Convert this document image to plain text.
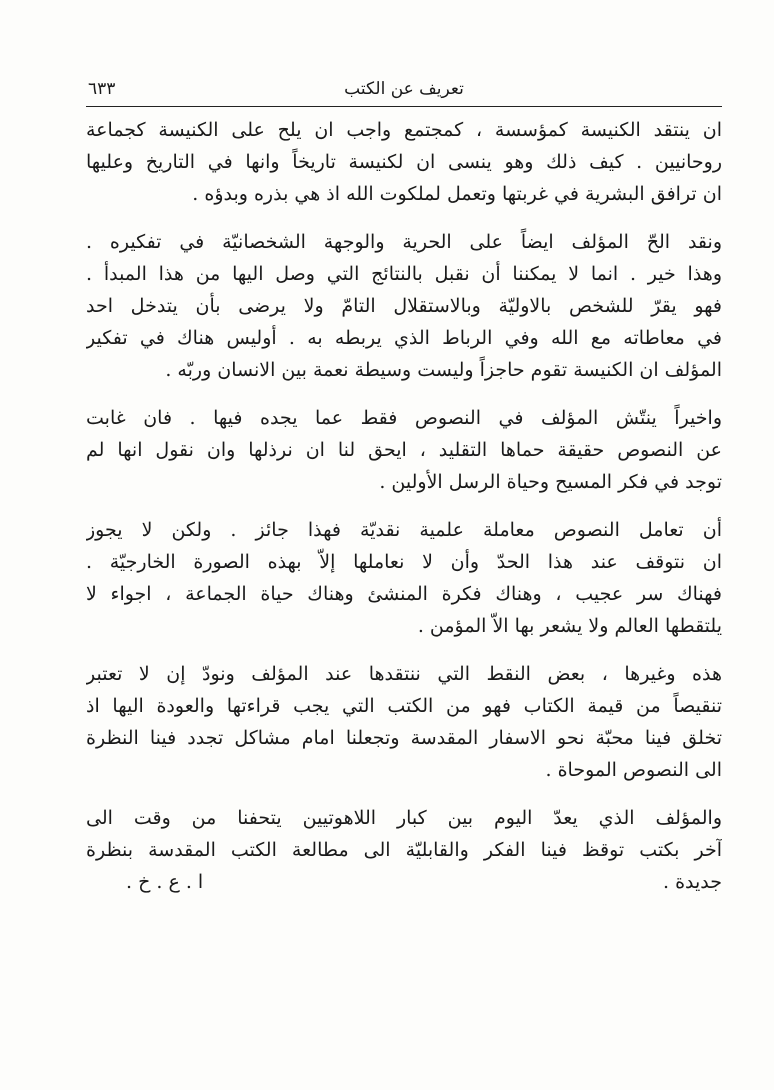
تعريف عن الكتب
٦٣٣
ان ينتقد الكنيسة كمؤسسة ، كمجتمع واجب ان يلح على الكنيسة كجماعة
روحانيين . كيف ذلك وهو ينسى ان لكنيسة تاريخاً وانها في التاريخ وعليها
ان ترافق البشرية في غربتها وتعمل لملكوت الله اذ هي بذره وبدؤه .
ونقد الحّ المؤلف ايضاً على الحرية والوجهة الشخصانيّة في تفكيره .
وهذا خير . انما لا يمكننا أن نقبل بالنتائج التي وصل اليها من هذا المبدأ .
فهو يقرّ للشخص بالاوليّة وبالاستقلال التامّ ولا يرضى بأن يتدخل احد
في معاطاته مع الله وفي الرباط الذي يربطه به . أوليس هناك في تفكير
المؤلف ان الكنيسة تقوم حاجزاً وليست وسيطة نعمة بين الانسان وربّه .
واخيراً ينتّش المؤلف في النصوص فقط عما يجده فيها . فان غابت
عن النصوص حقيقة حماها التقليد ، ايحق لنا ان نرذلها وان نقول انها لم
توجد في فكر المسيح وحياة الرسل الأولين .
أن تعامل النصوص معاملة علمية نقديّة فهذا جائز . ولكن لا يجوز
ان نتوقف عند هذا الحدّ وأن لا نعاملها إلاّ بهذه الصورة الخارجيّة .
فهناك سر عجيب ، وهناك فكرة المنشئ وهناك حياة الجماعة ، اجواء لا
يلتقطها العالم ولا يشعر بها الاّ المؤمن .
هذه وغيرها ، بعض النقط التي ننتقدها عند المؤلف ونودّ إن لا تعتبر
تنقيصاً من قيمة الكتاب فهو من الكتب التي يجب قراءتها والعودة اليها اذ
تخلق فينا محبّة نحو الاسفار المقدسة وتجعلنا امام مشاكل تجدد فينا النظرة
الى النصوص الموحاة .
والمؤلف الذي يعدّ اليوم بين كبار اللاهوتيين يتحفنا من وقت الى
آخر بكتب توقظ فينا الفكر والقابليّة الى مطالعة الكتب المقدسة بنظرة
جديدة .
ا . ع . خ .
